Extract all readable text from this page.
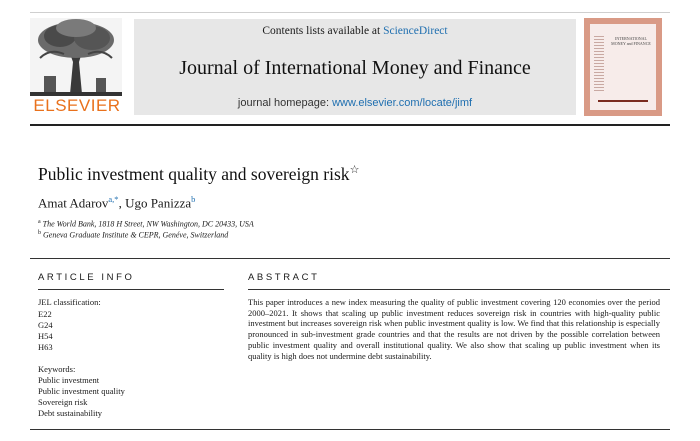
ELSEVIER
Contents lists available at ScienceDirect
Journal of International Money and Finance
journal homepage: www.elsevier.com/locate/jimf
INTERNATIONAL MONEY and FINANCE
Public investment quality and sovereign risk☆
Amat Adarov$^{a,*}$, Ugo Panizza$^b$
$^a$ The World Bank, 1818 H Street, NW Washington, DC 20433, USA
$^b$ Geneva Graduate Institute & CEPR, Genéve, Switzerland
ARTICLE INFO
JEL classification:
E22
G24
H54
H63
Keywords:
Public investment
Public investment quality
Sovereign risk
Debt sustainability
ABSTRACT
This paper introduces a new index measuring the quality of public investment covering 120 economies over the period 2000–2021. It shows that scaling up public investment reduces sovereign risk in countries with high-quality public investment but increases sovereign risk when public investment quality is low. We find that this relationship is especially pronounced in sub-investment grade countries and that the results are not driven by the possible correlation between public investment quality and overall institutional quality. We also show that scaling up public investment when its quality is high does not undermine debt sustainability.
